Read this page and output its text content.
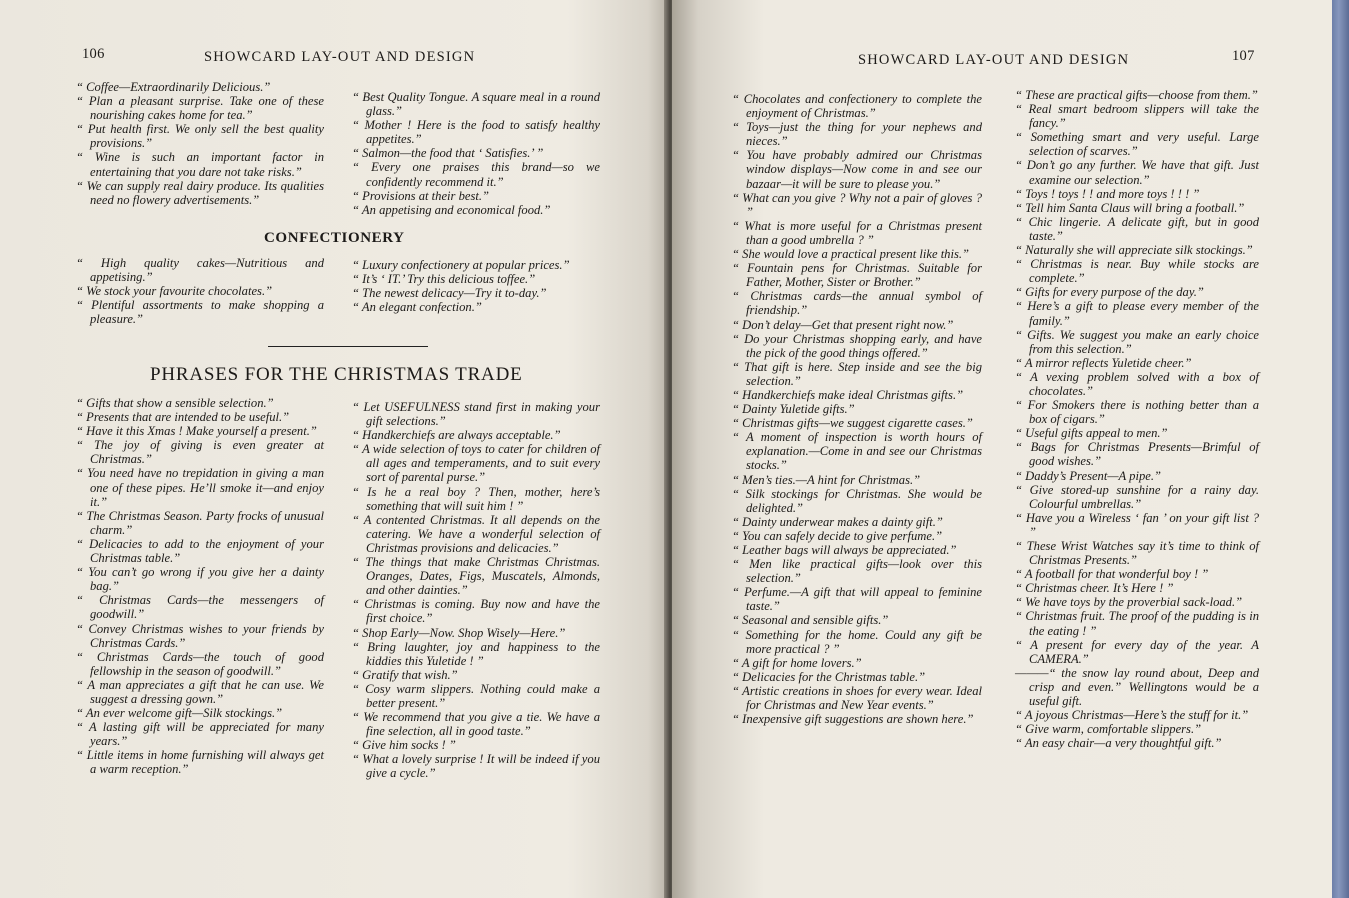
106	SHOWCARD LAY-OUT AND DESIGN

“ Coffee—Extraordinarily Delicious.”

“ Plan a pleasant surprise. Take one of these nourishing cakes home for tea.”

“ Put health first. We only sell the best quality provisions.”

“ Wine is such an important factor in entertaining that you dare not take risks.”

“ We can supply real dairy produce. Its qualities need no flowery advertisements.”

“ Best Quality Tongue. A square meal in a round glass.”

“ Mother ! Here is the food to satisfy healthy appetites.”

“ Salmon—the food that ‘ Satisfies.’ ”

“ Every one praises this brand—so we confidently recommend it.”

“ Provisions at their best.”

“ An appetising and economical food.”

CONFECTIONERY

“ High quality cakes—Nutritious and appetising.”

“ We stock your favourite chocolates.”

“ Plentiful assortments to make shopping a pleasure.”

“ Luxury confectionery at popular prices.”

“ It’s ‘ IT.’ Try this delicious toffee.”

“ The newest delicacy—Try it to-day.”

“ An elegant confection.”

PHRASES FOR THE CHRISTMAS TRADE

“ Gifts that show a sensible selection.”

“ Presents that are intended to be useful.”

“ Have it this Xmas ! Make yourself a present.”

“ The joy of giving is even greater at Christmas.”

“ You need have no trepidation in giving a man one of these pipes. He’ll smoke it—and enjoy it.”

“ The Christmas Season. Party frocks of unusual charm.”

“ Delicacies to add to the enjoyment of your Christmas table.”

“ You can’t go wrong if you give her a dainty bag.”

“ Christmas Cards—the messengers of goodwill.”

“ Convey Christmas wishes to your friends by Christmas Cards.”

“ Christmas Cards—the touch of good fellowship in the season of goodwill.”

“ A man appreciates a gift that he can use. We suggest a dressing gown.”

“ An ever welcome gift—Silk stockings.”

“ A lasting gift will be appreciated for many years.”

“ Little items in home furnishing will always get a warm reception.”

“ Let USEFULNESS stand first in making your gift selections.”

“ Handkerchiefs are always acceptable.”

“ A wide selection of toys to cater for children of all ages and temperaments, and to suit every sort of parental purse.”

“ Is he a real boy ? Then, mother, here’s something that will suit him ! ”

“ A contented Christmas. It all depends on the catering. We have a wonderful selection of Christmas provisions and delicacies.”

“ The things that make Christmas Christmas. Oranges, Dates, Figs, Muscatels, Almonds, and other dainties.”

“ Christmas is coming. Buy now and have the first choice.”

“ Shop Early—Now. Shop Wisely—Here.”

“ Bring laughter, joy and happiness to the kiddies this Yuletide ! ”

“ Gratify that wish.”

“ Cosy warm slippers. Nothing could make a better present.”

“ We recommend that you give a tie. We have a fine selection, all in good taste.”

“ Give him socks ! ”

“ What a lovely surprise ! It will be indeed if you give a cycle.”

SHOWCARD LAY-OUT AND DESIGN	107

“ Chocolates and confectionery to complete the enjoyment of Christmas.”

“ Toys—just the thing for your nephews and nieces.”

“ You have probably admired our Christmas window displays—Now come in and see our bazaar—it will be sure to please you.”

“ What can you give ? Why not a pair of gloves ? ”

“ What is more useful for a Christmas present than a good umbrella ? ”

“ She would love a practical present like this.”

“ Fountain pens for Christmas. Suitable for Father, Mother, Sister or Brother.”

“ Christmas cards—the annual symbol of friendship.”

“ Don’t delay—Get that present right now.”

“ Do your Christmas shopping early, and have the pick of the good things offered.”

“ That gift is here. Step inside and see the big selection.”

“ Handkerchiefs make ideal Christmas gifts.”

“ Dainty Yuletide gifts.”

“ Christmas gifts—we suggest cigarette cases.”

“ A moment of inspection is worth hours of explanation.—Come in and see our Christmas stocks.”

“ Men’s ties.—A hint for Christmas.”

“ Silk stockings for Christmas. She would be delighted.”

“ Dainty underwear makes a dainty gift.”

“ You can safely decide to give perfume.”

“ Leather bags will always be appreciated.”

“ Men like practical gifts—look over this selection.”

“ Perfume.—A gift that will appeal to feminine taste.”

“ Seasonal and sensible gifts.”

“ Something for the home. Could any gift be more practical ? ”

“ A gift for home lovers.”

“ Delicacies for the Christmas table.”

“ Artistic creations in shoes for every wear. Ideal for Christmas and New Year events.”

“ Inexpensive gift suggestions are shown here.”

“ These are practical gifts—choose from them.”

“ Real smart bedroom slippers will take the fancy.”

“ Something smart and very useful. Large selection of scarves.”

“ Don’t go any further. We have that gift. Just examine our selection.”

“ Toys ! toys ! ! and more toys ! ! ! ”

“ Tell him Santa Claus will bring a football.”

“ Chic lingerie. A delicate gift, but in good taste.”

“ Naturally she will appreciate silk stockings.”

“ Christmas is near. Buy while stocks are complete.”

“ Gifts for every purpose of the day.”

“ Here’s a gift to please every member of the family.”

“ Gifts. We suggest you make an early choice from this selection.”

“ A mirror reflects Yuletide cheer.”

“ A vexing problem solved with a box of chocolates.”

“ For Smokers there is nothing better than a box of cigars.”

“ Useful gifts appeal to men.”

“ Bags for Christmas Presents—Brimful of good wishes.”

“ Daddy’s Present—A pipe.”

“ Give stored-up sunshine for a rainy day. Colourful umbrellas.”

“ Have you a Wireless ‘ fan ’ on your gift list ? ”

“ These Wrist Watches say it’s time to think of Christmas Presents.”

“ A football for that wonderful boy ! ”

“ Christmas cheer. It’s Here ! ”

“ We have toys by the proverbial sack-load.”

“ Christmas fruit. The proof of the pudding is in the eating ! ”

“ A present for every day of the year. A CAMERA.”

———“ the snow lay round about, Deep and crisp and even.” Wellingtons would be a useful gift.

“ A joyous Christmas—Here’s the stuff for it.”

“ Give warm, comfortable slippers.”

“ An easy chair—a very thoughtful gift.”
